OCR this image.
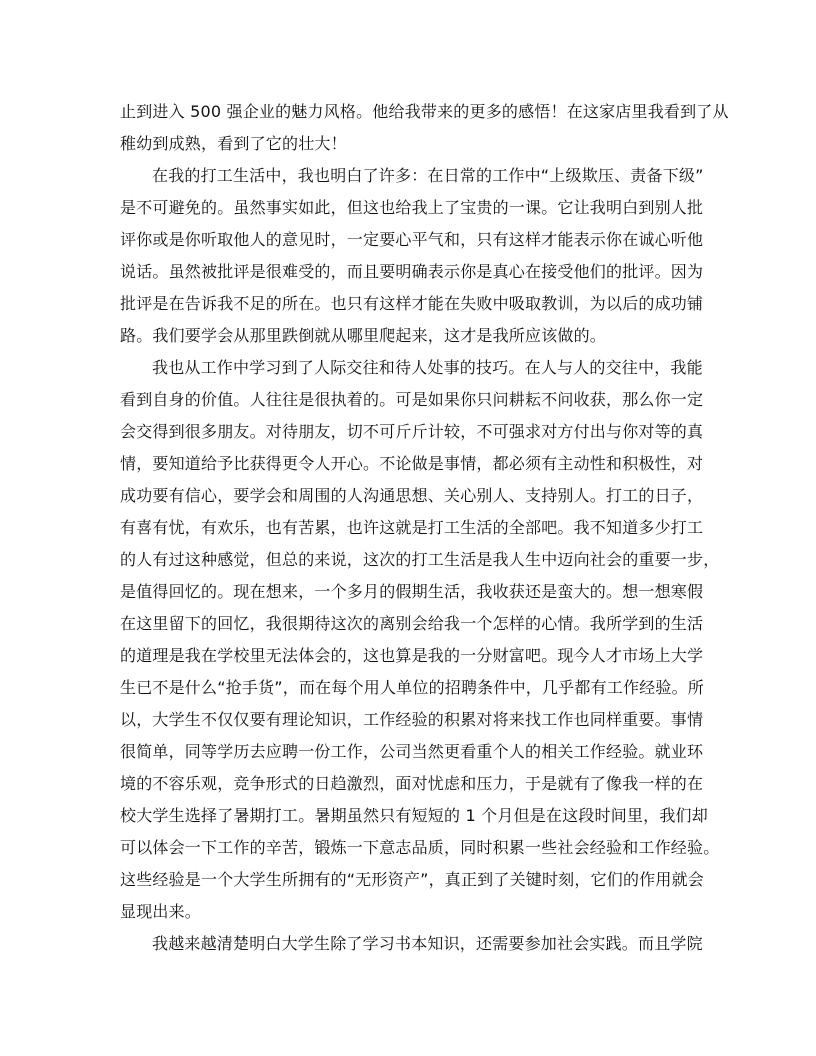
止到进入 500 强企业的魅力风格。他给我带来的更多的感悟！在这家店里我看到了从
稚幼到成熟，看到了它的壮大！
在我的打工生活中，我也明白了许多：在日常的工作中“上级欺压、责备下级”
是不可避免的。虽然事实如此，但这也给我上了宝贵的一课。它让我明白到别人批
评你或是你听取他人的意见时，一定要心平气和，只有这样才能表示你在诚心听他
说话。虽然被批评是很难受的，而且要明确表示你是真心在接受他们的批评。因为
批评是在告诉我不足的所在。也只有这样才能在失败中吸取教训，为以后的成功铺
路。我们要学会从那里跌倒就从哪里爬起来，这才是我所应该做的。
我也从工作中学习到了人际交往和待人处事的技巧。在人与人的交往中，我能
看到自身的价值。人往往是很执着的。可是如果你只问耕耘不问收获，那么你一定
会交得到很多朋友。对待朋友，切不可斤斤计较，不可强求对方付出与你对等的真
情，要知道给予比获得更令人开心。不论做是事情，都必须有主动性和积极性，对
成功要有信心，要学会和周围的人沟通思想、关心别人、支持别人。打工的日子，
有喜有忧，有欢乐，也有苦累，也许这就是打工生活的全部吧。我不知道多少打工
的人有过这种感觉，但总的来说，这次的打工生活是我人生中迈向社会的重要一步，
是值得回忆的。现在想来，一个多月的假期生活，我收获还是蛮大的。想一想寒假
在这里留下的回忆，我很期待这次的离别会给我一个怎样的心情。我所学到的生活
的道理是我在学校里无法体会的，这也算是我的一分财富吧。现今人才市场上大学
生已不是什么“抢手货”，而在每个用人单位的招聘条件中，几乎都有工作经验。所
以，大学生不仅仅要有理论知识，工作经验的积累对将来找工作也同样重要。事情
很简单，同等学历去应聘一份工作，公司当然更看重个人的相关工作经验。就业环
境的不容乐观，竞争形式的日趋激烈，面对忧虑和压力，于是就有了像我一样的在
校大学生选择了暑期打工。暑期虽然只有短短的 1 个月但是在这段时间里，我们却
可以体会一下工作的辛苦，锻炼一下意志品质，同时积累一些社会经验和工作经验。
这些经验是一个大学生所拥有的“无形资产”，真正到了关键时刻，它们的作用就会
显现出来。
我越来越清楚明白大学生除了学习书本知识，还需要参加社会实践。而且学院
